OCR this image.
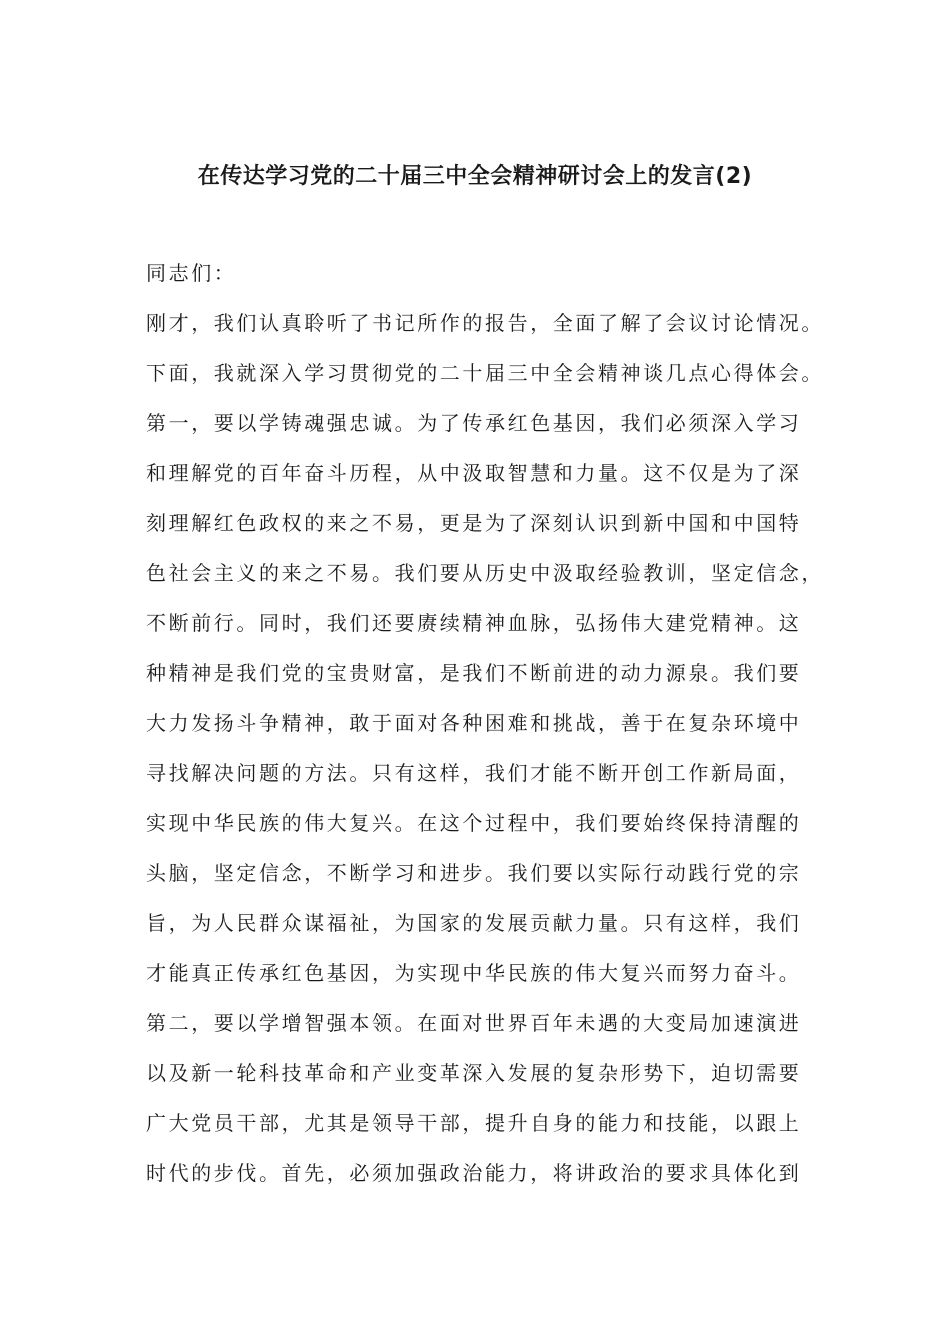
在传达学习党的二十届三中全会精神研讨会上的发言(2)
同志们：
刚才，我们认真聆听了书记所作的报告，全面了解了会议讨论情况。
下面，我就深入学习贯彻党的二十届三中全会精神谈几点心得体会。
第一，要以学铸魂强忠诚。为了传承红色基因，我们必须深入学习
和理解党的百年奋斗历程，从中汲取智慧和力量。这不仅是为了深
刻理解红色政权的来之不易，更是为了深刻认识到新中国和中国特
色社会主义的来之不易。我们要从历史中汲取经验教训，坚定信念，
不断前行。同时，我们还要赓续精神血脉，弘扬伟大建党精神。这
种精神是我们党的宝贵财富，是我们不断前进的动力源泉。我们要
大力发扬斗争精神，敢于面对各种困难和挑战，善于在复杂环境中
寻找解决问题的方法。只有这样，我们才能不断开创工作新局面，
实现中华民族的伟大复兴。在这个过程中，我们要始终保持清醒的
头脑，坚定信念，不断学习和进步。我们要以实际行动践行党的宗
旨，为人民群众谋福祉，为国家的发展贡献力量。只有这样，我们
才能真正传承红色基因，为实现中华民族的伟大复兴而努力奋斗。
第二，要以学增智强本领。在面对世界百年未遇的大变局加速演进
以及新一轮科技革命和产业变革深入发展的复杂形势下，迫切需要
广大党员干部，尤其是领导干部，提升自身的能力和技能，以跟上
时代的步伐。首先，必须加强政治能力，将讲政治的要求具体化到
